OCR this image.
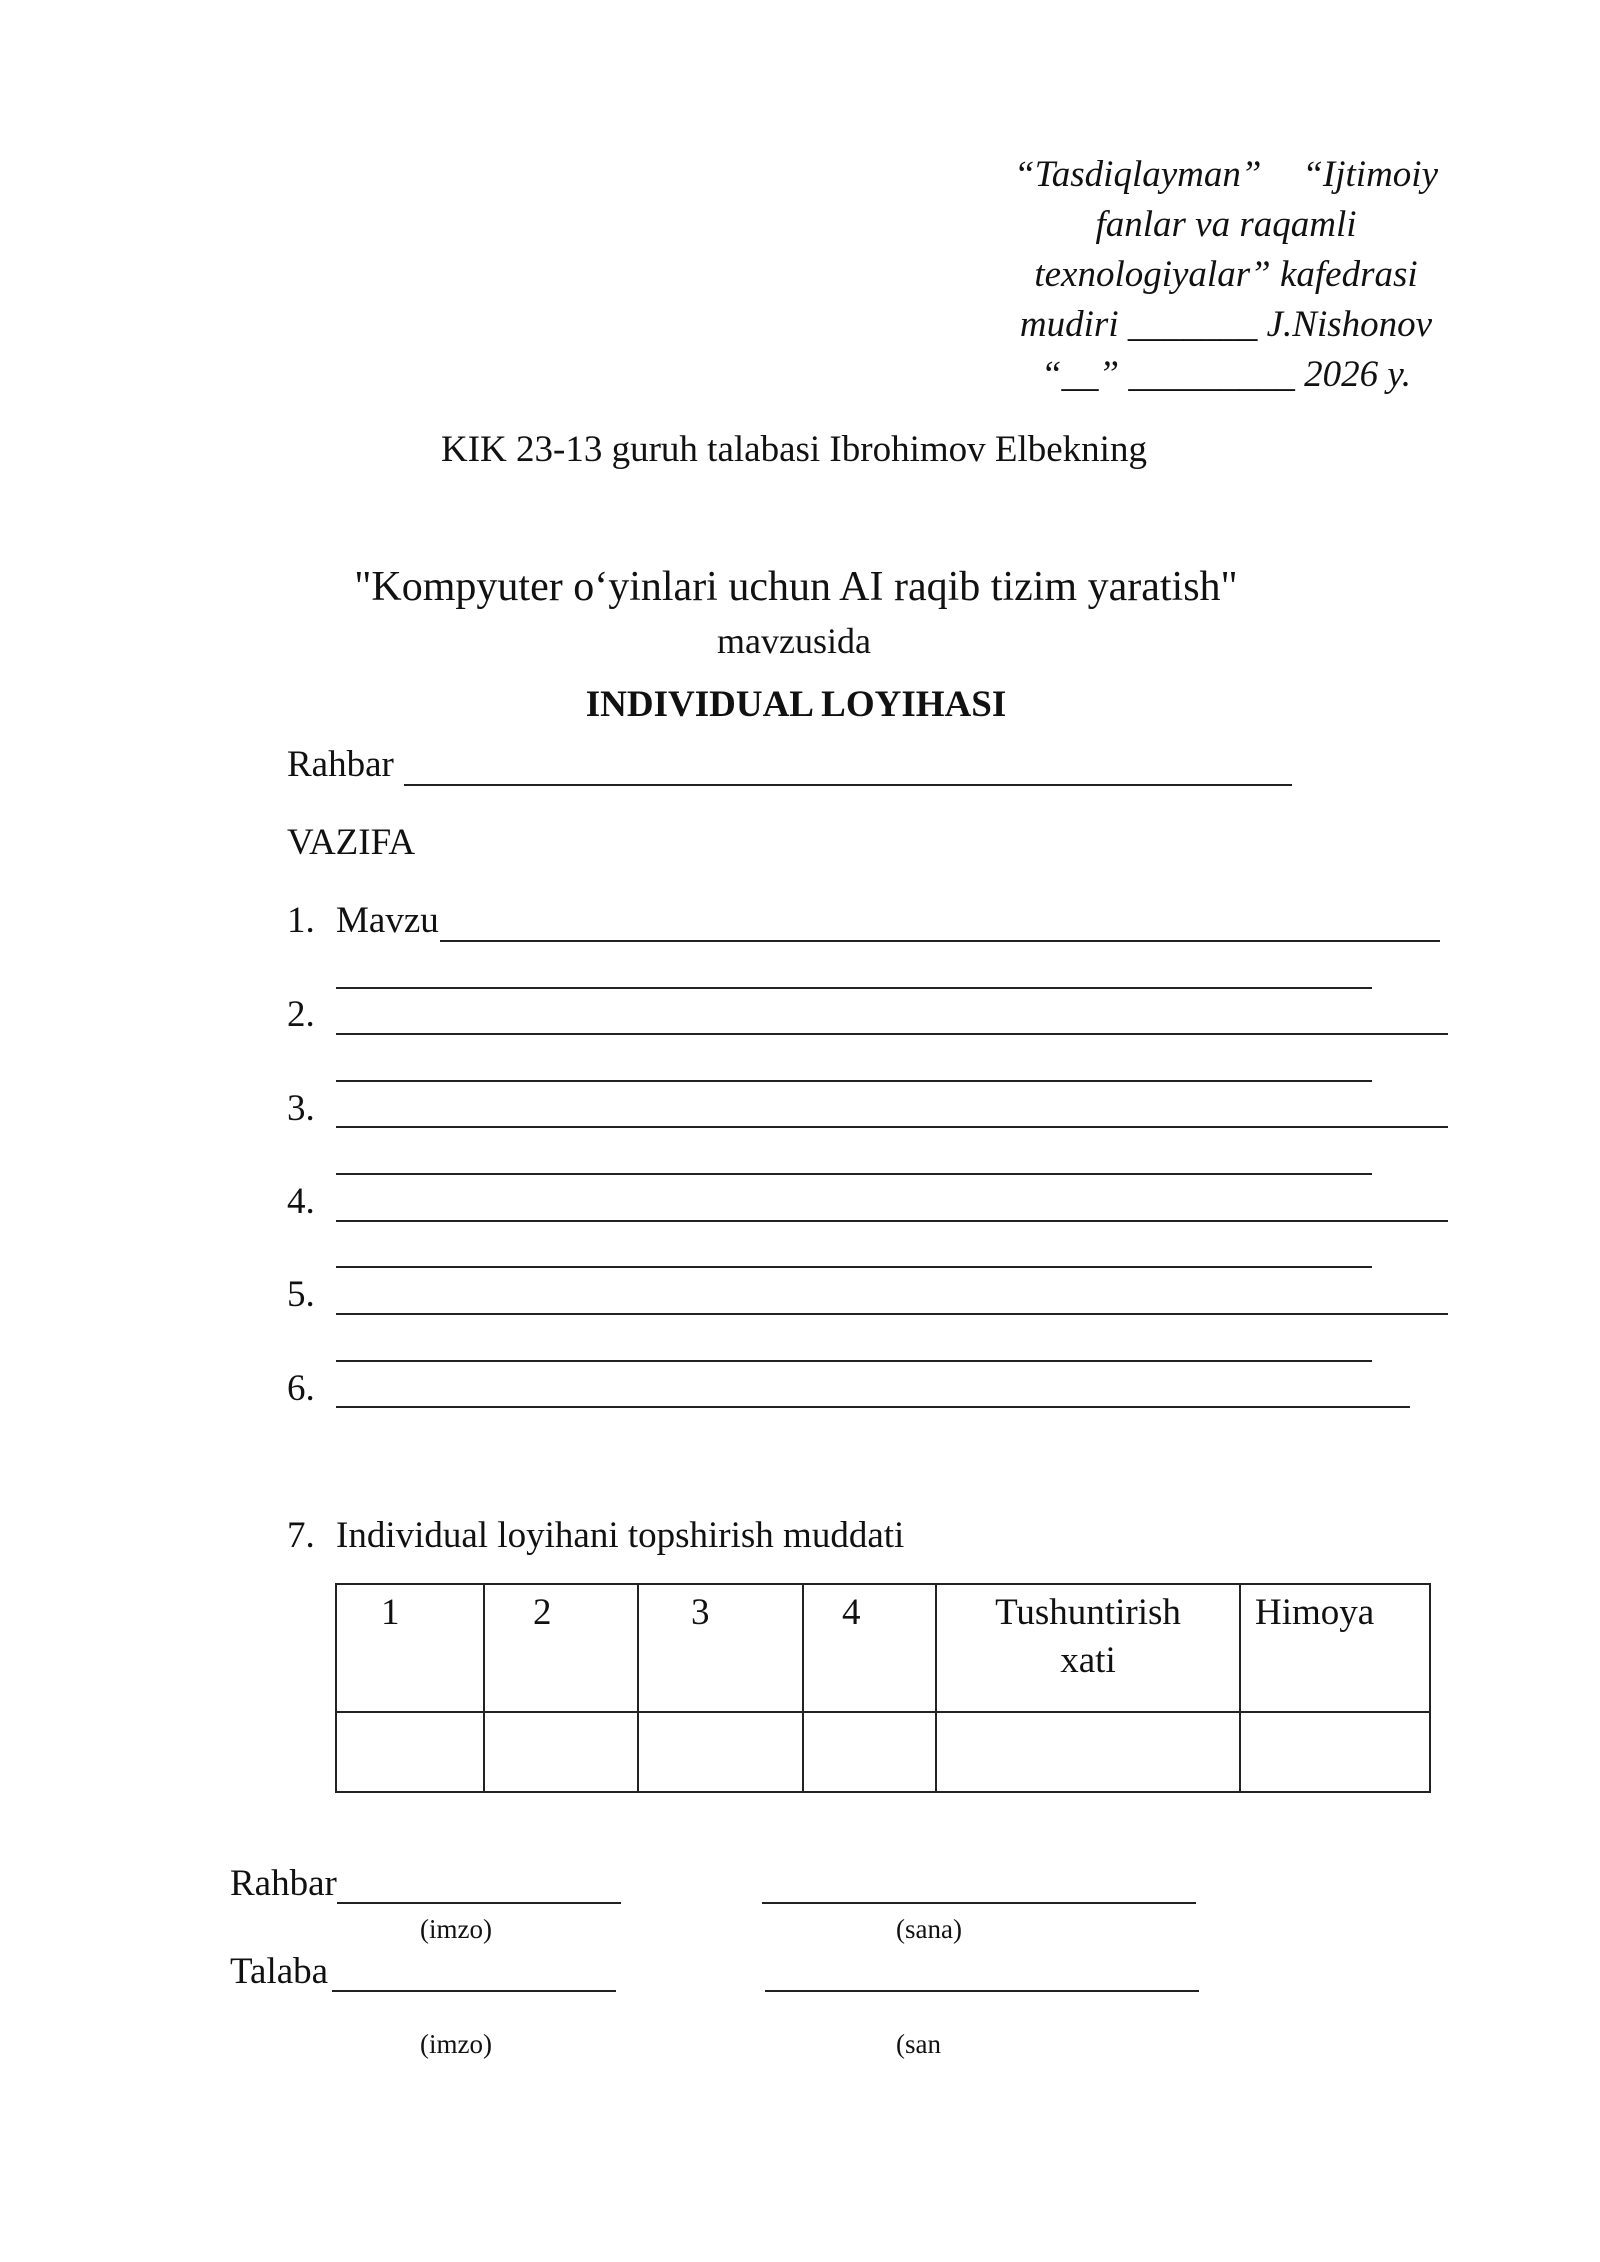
“Tasdiqlayman” “Ijtimoiy
fanlar va raqamli
texnologiyalar” kafedrasi
mudiri _______ J.Nishonov
“__” _________ 2026 y.
KIK 23-13 guruh talabasi Ibrohimov Elbekning
"Kompyuter o‘yinlari uchun AI raqib tizim yaratish"
mavzusida
INDIVIDUAL LOYIHASI
Rahbar
VAZIFA
1. Mavzu
2.
3.
4.
5.
6.
7. Individual loyihani topshirish muddati
1	2	3	4	Tushuntirish xati	Himoya

Rahbar
(imzo)	(sana)
Talaba
(imzo)	(san
